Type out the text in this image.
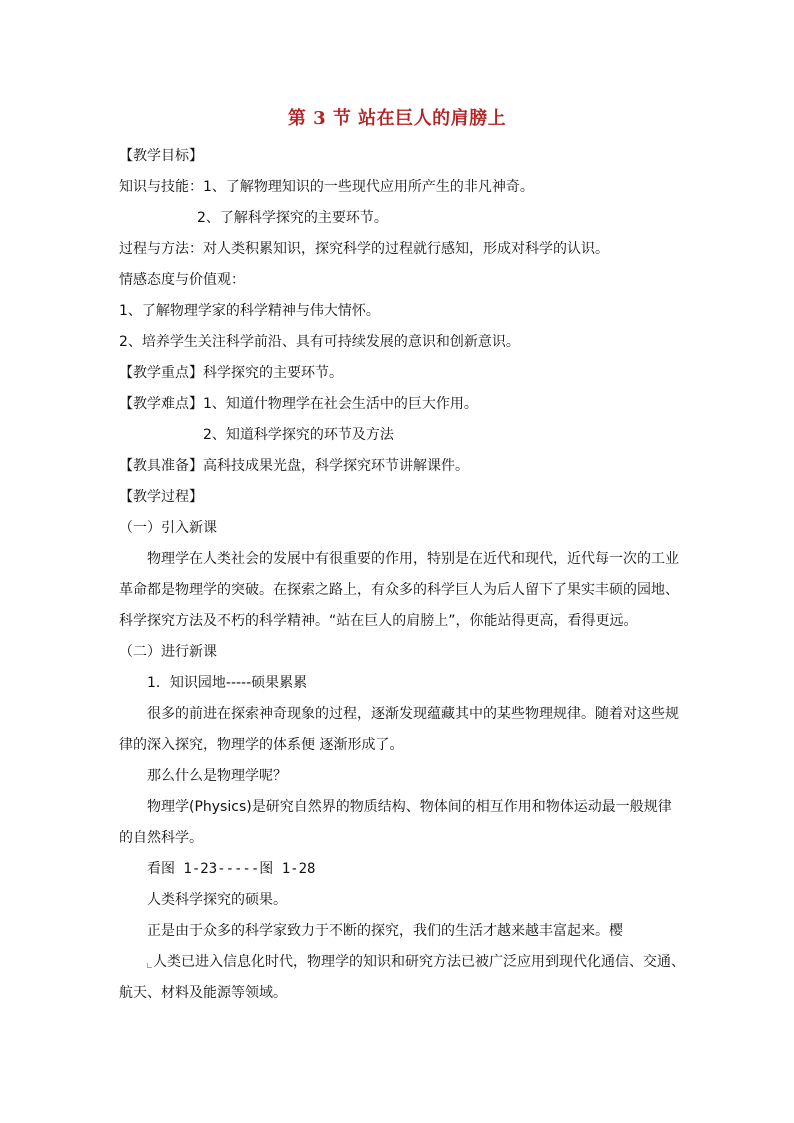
第 3 节 站在巨人的肩膀上
【教学目标】
知识与技能：1、了解物理知识的一些现代应用所产生的非凡神奇。
2、了解科学探究的主要环节。
过程与方法：对人类积累知识，探究科学的过程就行感知，形成对科学的认识。
情感态度与价值观：
1、了解物理学家的科学精神与伟大情怀。
2、培养学生关注科学前沿、具有可持续发展的意识和创新意识。
【教学重点】科学探究的主要环节。
【教学难点】1、知道什物理学在社会生活中的巨大作用。
2、知道科学探究的环节及方法
【教具准备】高科技成果光盘，科学探究环节讲解课件。
【教学过程】
（一）引入新课
物理学在人类社会的发展中有很重要的作用，特别是在近代和现代，近代每一次的工业
革命都是物理学的突破。在探索之路上，有众多的科学巨人为后人留下了果实丰硕的园地、
科学探究方法及不朽的科学精神。“站在巨人的肩膀上”，你能站得更高，看得更远。
（二）进行新课
1．知识园地-----硕果累累
很多的前进在探索神奇现象的过程，逐渐发现蕴藏其中的某些物理规律。随着对这些规
律的深入探究，物理学的体系便 逐渐形成了。
那么什么是物理学呢？
物理学(Physics)是研究自然界的物质结构、物体间的相互作用和物体运动最一般规律
的自然科学。
看图 1-23-----图 1-28
人类科学探究的硕果。
正是由于众多的科学家致力于不断的探究，我们的生活才越来越丰富起来。樱
人类已进入信息化时代，物理学的知识和研究方法已被广泛应用到现代化通信、交通、
航天、材料及能源等领域。
